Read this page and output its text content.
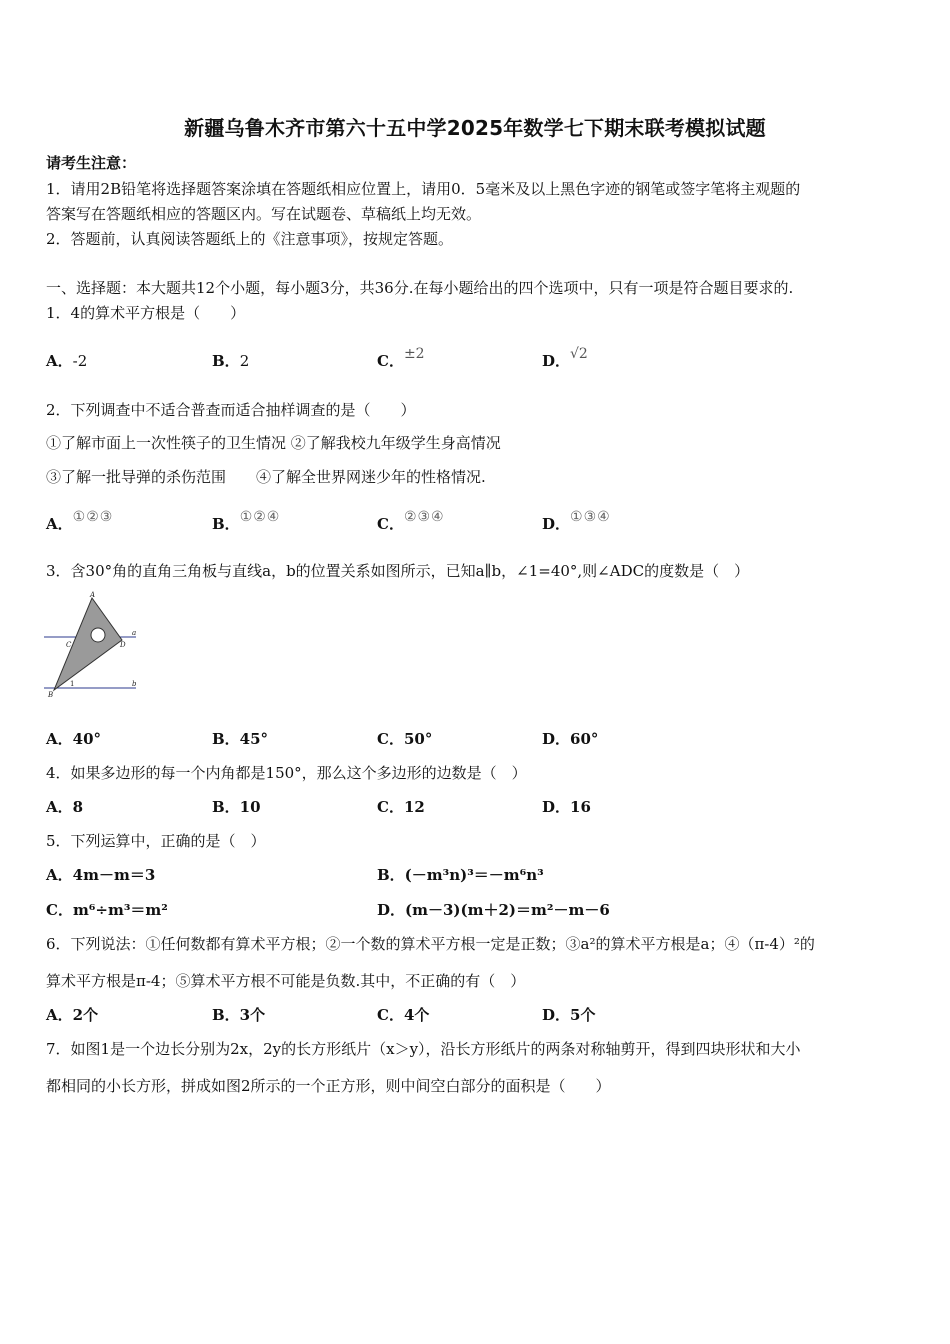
新疆乌鲁木齐市第六十五中学2025年数学七下期末联考模拟试题
请考生注意：
1．请用2B铅笔将选择题答案涂填在答题纸相应位置上，请用0．5毫米及以上黑色字迹的钢笔或签字笔将主观题的
答案写在答题纸相应的答题区内。写在试题卷、草稿纸上均无效。
2．答题前，认真阅读答题纸上的《注意事项》，按规定答题。
一、选择题：本大题共12个小题，每小题3分，共36分.在每小题给出的四个选项中，只有一项是符合题目要求的.
1．4的算术平方根是（　　）
A．-2	B．2	C．±2	D．√2
2．下列调查中不适合普查而适合抽样调查的是（　　）
①了解市面上一次性筷子的卫生情况 ②了解我校九年级学生身高情况
③了解一批导弹的杀伤范围　　④了解全世界网迷少年的性格情况.
A．①②③	B．①②④	C．②③④	D．①③④
3．含30°角的直角三角板与直线a，b的位置关系如图所示，已知a∥b，∠1=40°,则∠ADC的度数是（　）
A
B
C	D
a
b
1
A．40°	B．45°	C．50°	D．60°
4．如果多边形的每一个内角都是150°，那么这个多边形的边数是（　）
A．8	B．10	C．12	D．16
5．下列运算中，正确的是（　）
A．4m－m＝3	B．(－m³n)³＝－m⁶n³
C．m⁶÷m³＝m²	D．(m－3)(m＋2)＝m²－m－6
6．下列说法：①任何数都有算术平方根；②一个数的算术平方根一定是正数；③a²的算术平方根是a；④（π-4）²的
算术平方根是π-4；⑤算术平方根不可能是负数.其中，不正确的有（　）
A．2个	B．3个	C．4个	D．5个
7．如图1是一个边长分别为2x，2y的长方形纸片（x＞y），沿长方形纸片的两条对称轴剪开，得到四块形状和大小
都相同的小长方形，拼成如图2所示的一个正方形，则中间空白部分的面积是（　　）
